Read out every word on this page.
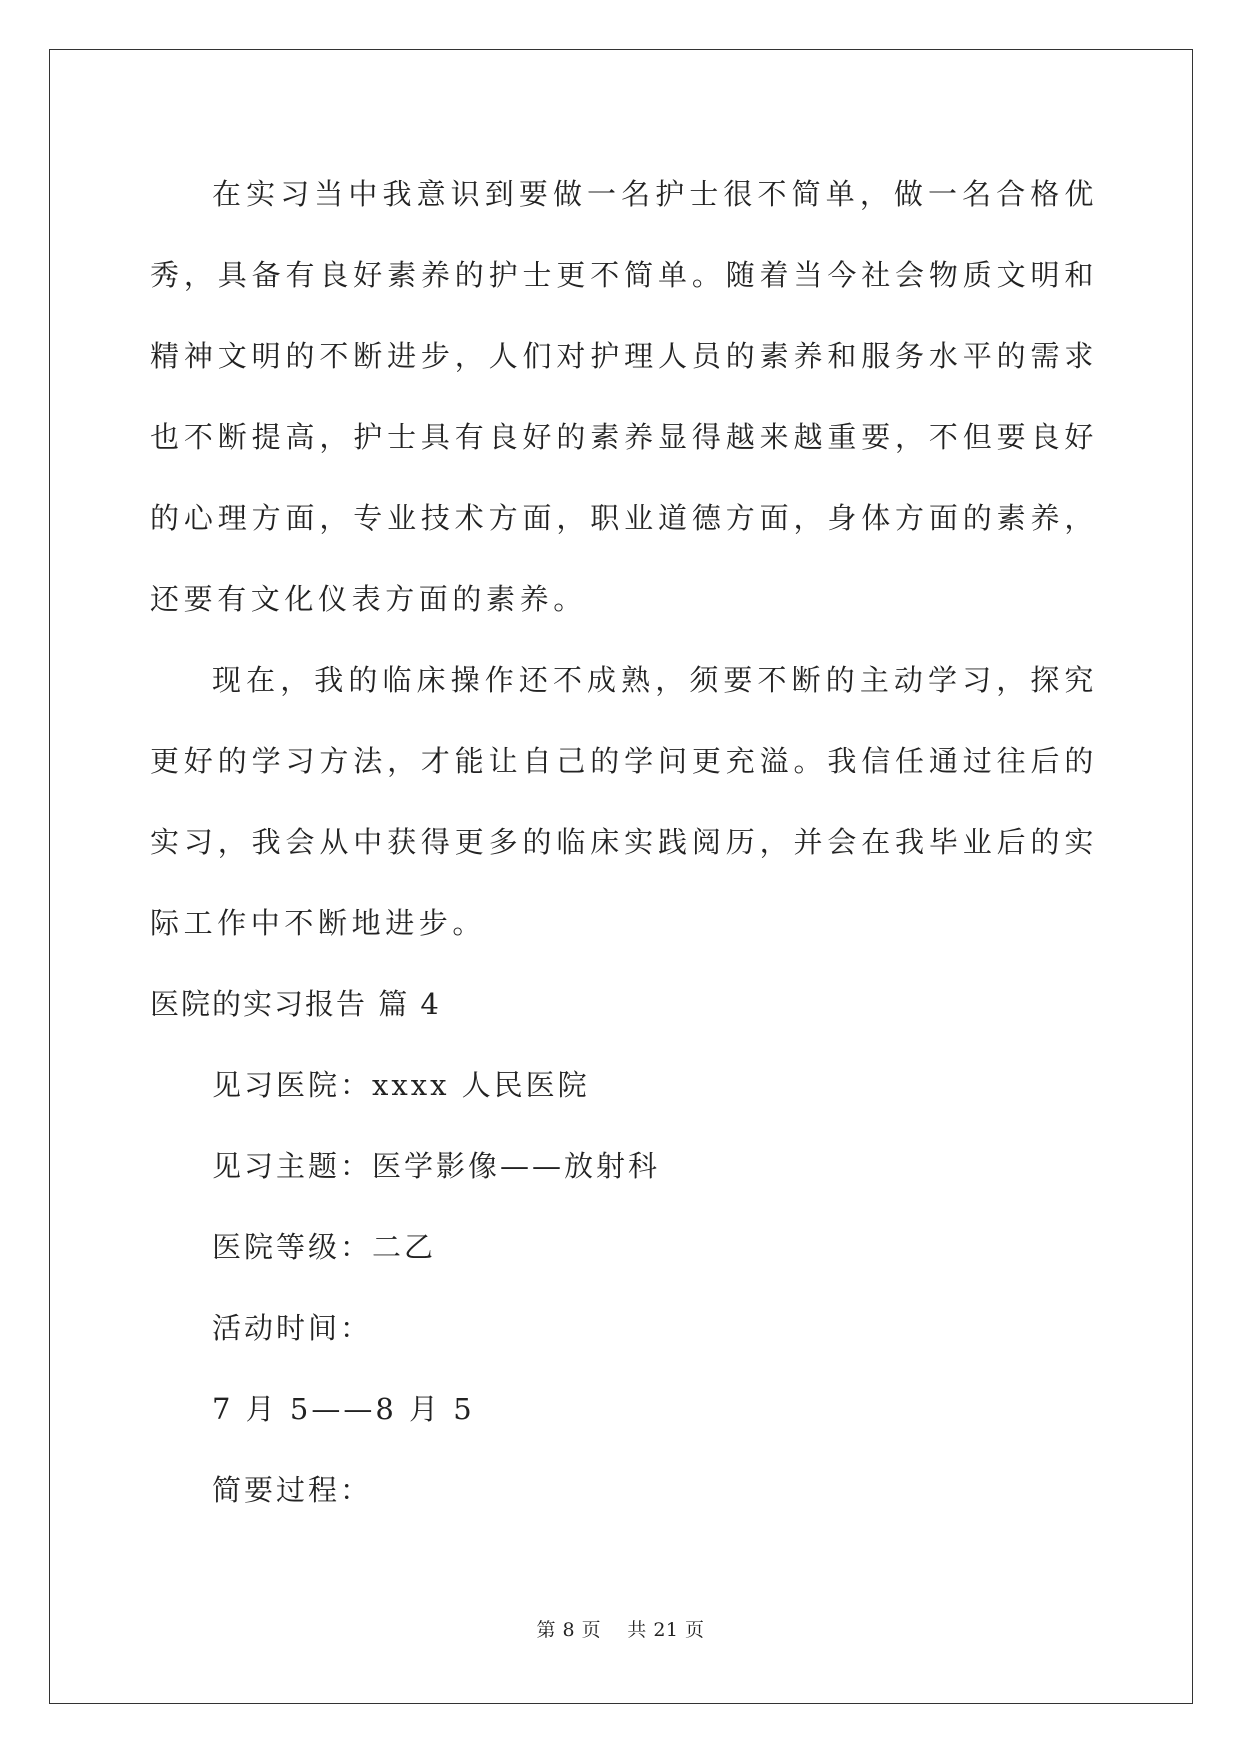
在实习当中我意识到要做一名护士很不简单，做一名合格优秀，具备有良好素养的护士更不简单。随着当今社会物质文明和精神文明的不断进步，人们对护理人员的素养和服务水平的需求也不断提高，护士具有良好的素养显得越来越重要，不但要良好的心理方面，专业技术方面，职业道德方面，身体方面的素养，还要有文化仪表方面的素养。

现在，我的临床操作还不成熟，须要不断的主动学习，探究更好的学习方法，才能让自己的学问更充溢。我信任通过往后的实习，我会从中获得更多的临床实践阅历，并会在我毕业后的实际工作中不断地进步。

医院的实习报告 篇 4

见习医院：xxxx 人民医院

见习主题：医学影像——放射科

医院等级：二乙

活动时间：

7 月 5——8 月 5

简要过程：

第 8 页    共 21 页
